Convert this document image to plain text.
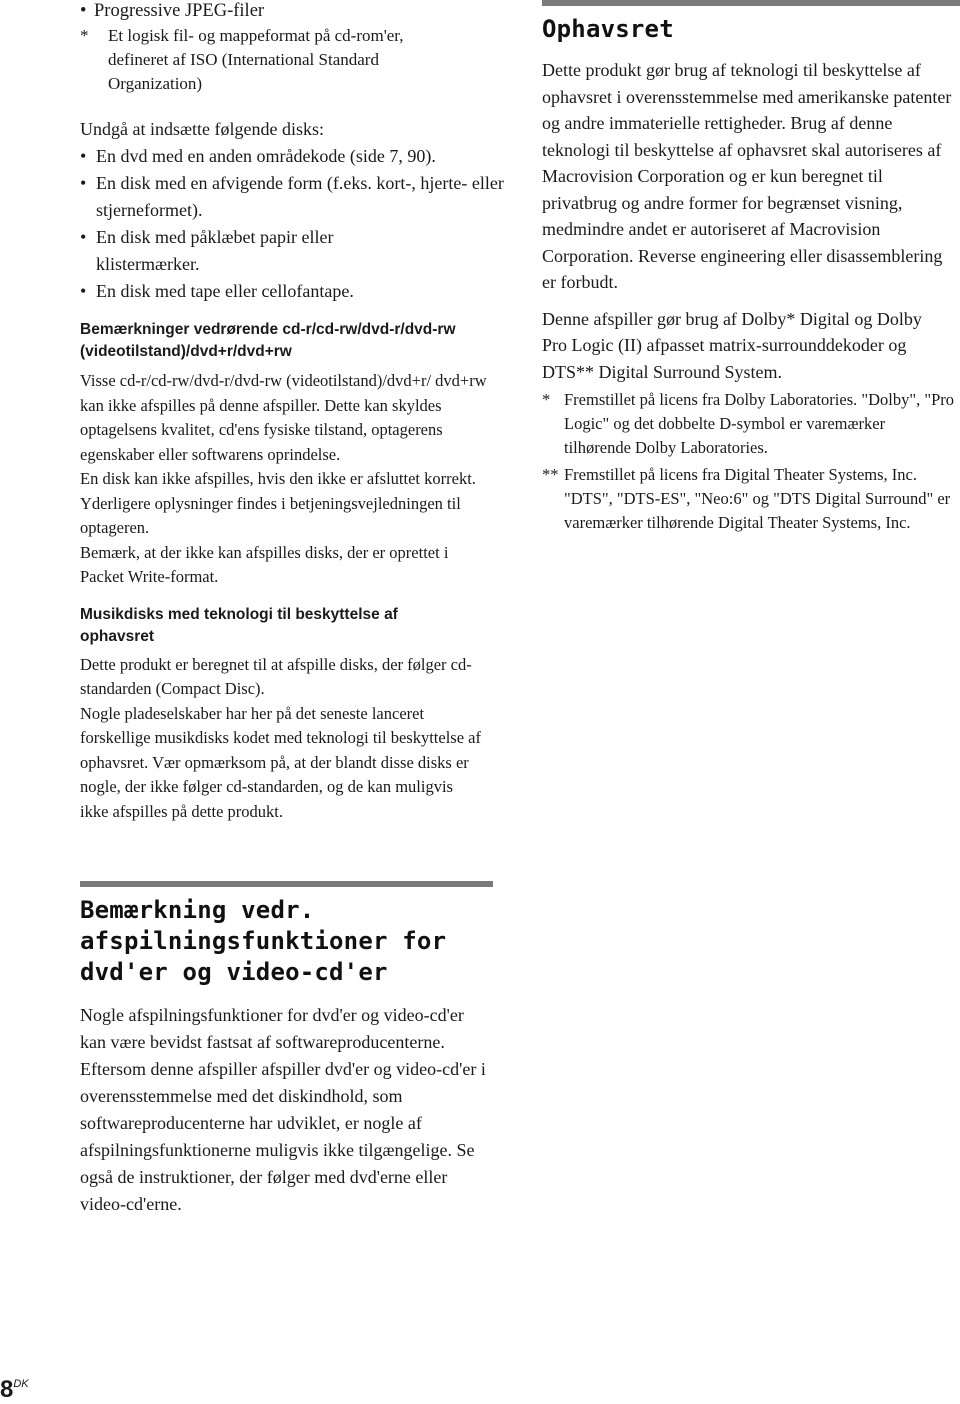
• Progressive JPEG-filer
* Et logisk fil- og mappeformat på cd-rom'er, defineret af ISO (International Standard Organization)

Undgå at indsætte følgende disks:

• En dvd med en anden områdekode (side 7, 90).
• En disk med en afvigende form (f.eks. kort-, hjerte- eller stjerneformet).
• En disk med påklæbet papir eller klistermærker.
• En disk med tape eller cellofantape.
Bemærkninger vedrørende cd-r/cd-rw/dvd-r/dvd-rw (videotilstand)/dvd+r/dvd+rw

Visse cd-r/cd-rw/dvd-r/dvd-rw (videotilstand)/dvd+r/ dvd+rw kan ikke afspilles på denne afspiller. Dette kan skyldes optagelsens kvalitet, cd'ens fysiske tilstand, optagerens egenskaber eller softwarens oprindelse.

En disk kan ikke afspilles, hvis den ikke er afsluttet korrekt. Yderligere oplysninger findes i betjeningsvejledningen til optageren.

Bemærk, at der ikke kan afspilles disks, der er oprettet i Packet Write-format.

Musikdisks med teknologi til beskyttelse af ophavsret

Dette produkt er beregnet til at afspille disks, der følger cd-standarden (Compact Disc).

Nogle pladeselskaber har her på det seneste lanceret forskellige musikdisks kodet med teknologi til beskyttelse af ophavsret. Vær opmærksom på, at der blandt disse disks er nogle, der ikke følger cd-standarden, og de kan muligvis ikke afspilles på dette produkt.

Bemærkning vedr. afspilningsfunktioner for dvd'er og video-cd'er

Nogle afspilningsfunktioner for dvd'er og video-cd'er kan være bevidst fastsat af softwareproducenterne. Eftersom denne afspiller afspiller dvd'er og video-cd'er i overensstemmelse med det diskindhold, som softwareproducenterne har udviklet, er nogle af afspilningsfunktionerne muligvis ikke tilgængelige. Se også de instruktioner, der følger med dvd'erne eller video-cd'erne.

Ophavsret

Dette produkt gør brug af teknologi til beskyttelse af ophavsret i overensstemmelse med amerikanske patenter og andre immaterielle rettigheder. Brug af denne teknologi til beskyttelse af ophavsret skal autoriseres af Macrovision Corporation og er kun beregnet til privatbrug og andre former for begrænset visning, medmindre andet er autoriseret af Macrovision Corporation. Reverse engineering eller disassemblering er forbudt.

Denne afspiller gør brug af Dolby* Digital og Dolby Pro Logic (II) afpasset matrix-surrounddekoder og DTS** Digital Surround System.

* Fremstillet på licens fra Dolby Laboratories. "Dolby", "Pro Logic" og det dobbelte D-symbol er varemærker tilhørende Dolby Laboratories.
** Fremstillet på licens fra Digital Theater Systems, Inc. "DTS", "DTS-ES", "Neo:6" og "DTS Digital Surround" er varemærker tilhørende Digital Theater Systems, Inc.
$8^{DK}$
